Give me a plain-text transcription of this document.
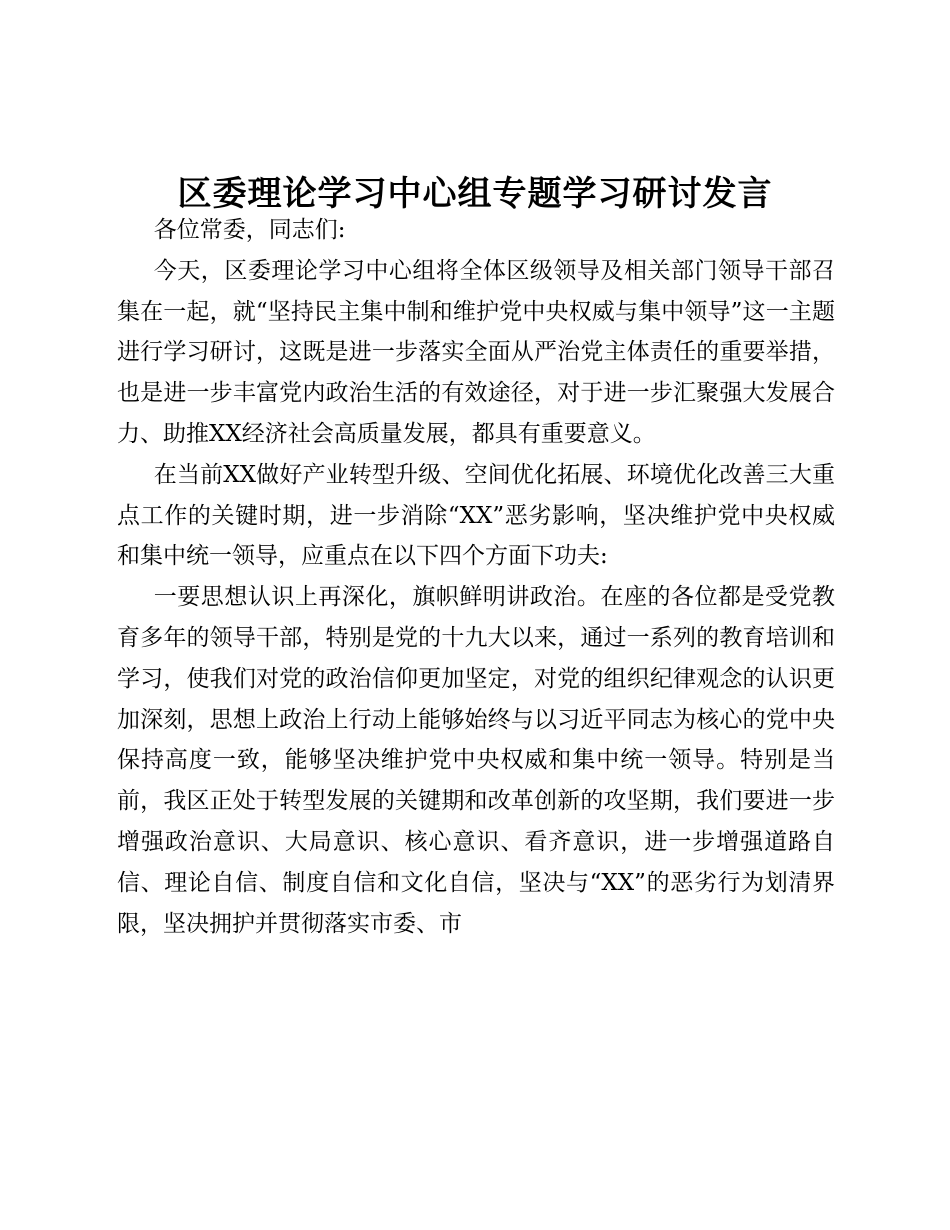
区委理论学习中心组专题学习研讨发言

各位常委，同志们:

今天，区委理论学习中心组将全体区级领导及相关部门领导干部召集在一起，就“坚持民主集中制和维护党中央权威与集中领导”这一主题进行学习研讨，这既是进一步落实全面从严治党主体责任的重要举措，也是进一步丰富党内政治生活的有效途径，对于进一步汇聚强大发展合力、助推XX经济社会高质量发展，都具有重要意义。

在当前XX做好产业转型升级、空间优化拓展、环境优化改善三大重点工作的关键时期，进一步消除“XX”恶劣影响，坚决维护党中央权威和集中统一领导，应重点在以下四个方面下功夫:

一要思想认识上再深化，旗帜鲜明讲政治。在座的各位都是受党教育多年的领导干部，特别是党的十九大以来，通过一系列的教育培训和学习，使我们对党的政治信仰更加坚定，对党的组织纪律观念的认识更加深刻，思想上政治上行动上能够始终与以习近平同志为核心的党中央保持高度一致，能够坚决维护党中央权威和集中统一领导。特别是当前，我区正处于转型发展的关键期和改革创新的攻坚期，我们要进一步增强政治意识、大局意识、核心意识、看齐意识，进一步增强道路自信、理论自信、制度自信和文化自信，坚决与“XX”的恶劣行为划清界限，坚决拥护并贯彻落实市委、市
